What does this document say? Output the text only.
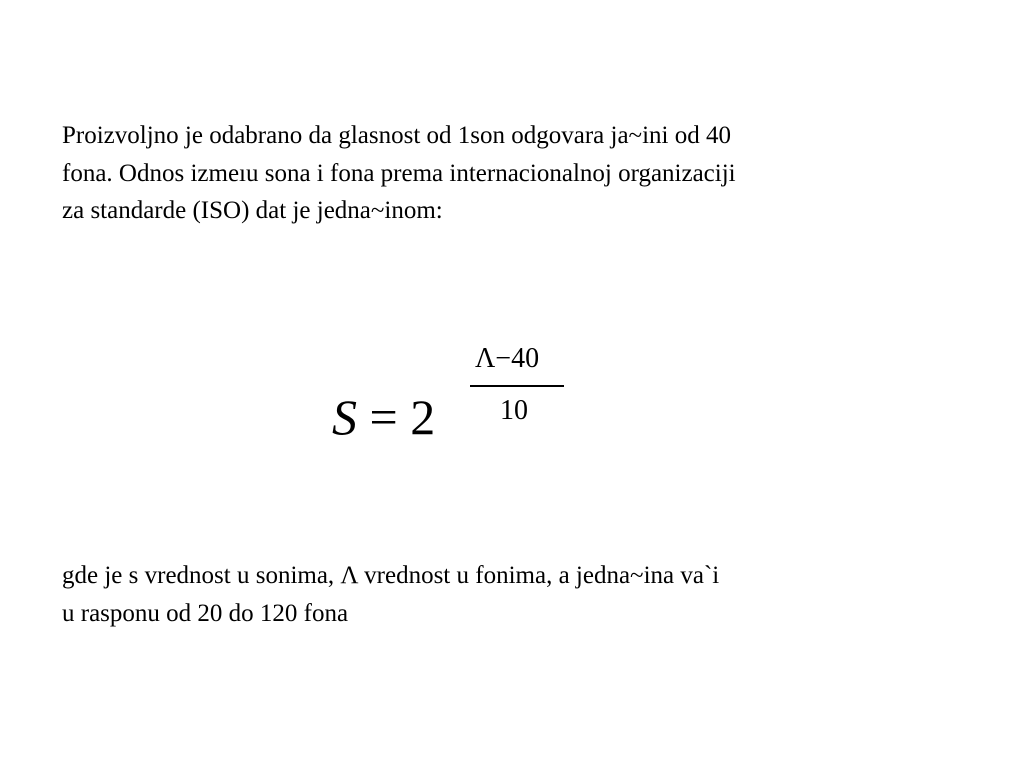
Proizvoljno je odabrano da glasnost od 1son odgovara ja~ini od 40
fona. Odnos izmeıu sona i fona prema internacionalnoj organizaciji
za standarde (ISO) dat je jedna~inom:

S = 2
Λ−40
10

gde je s vrednost u sonima, Λ vrednost u fonima, a jedna~ina va`i
u rasponu od 20 do 120 fona
